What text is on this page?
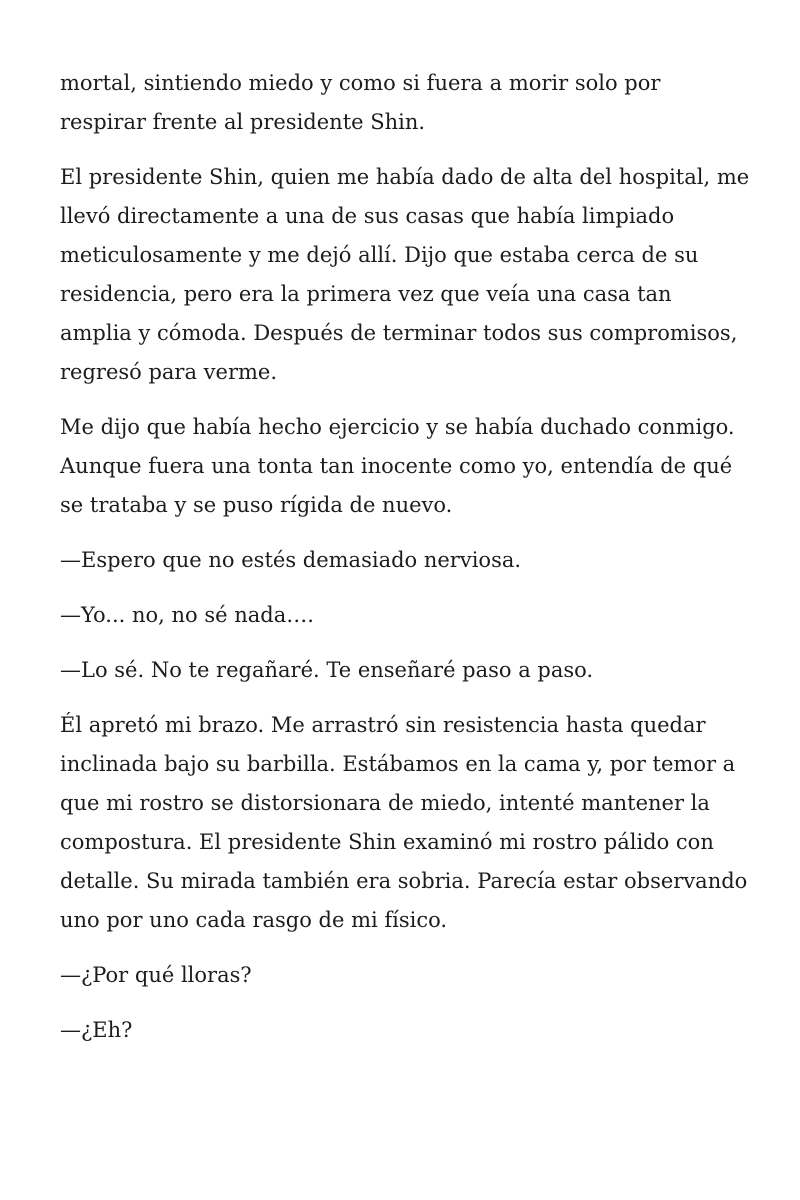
mortal, sintiendo miedo y como si fuera a morir solo por respirar frente al presidente Shin.

El presidente Shin, quien me había dado de alta del hospital, me llevó directamente a una de sus casas que había limpiado meticulosamente y me dejó allí. Dijo que estaba cerca de su residencia, pero era la primera vez que veía una casa tan amplia y cómoda. Después de terminar todos sus compromisos, regresó para verme.

Me dijo que había hecho ejercicio y se había duchado conmigo. Aunque fuera una tonta tan inocente como yo, entendía de qué se trataba y se puso rígida de nuevo.

—Espero que no estés demasiado nerviosa.

—Yo... no, no sé nada….

—Lo sé. No te regañaré. Te enseñaré paso a paso.

Él apretó mi brazo. Me arrastró sin resistencia hasta quedar inclinada bajo su barbilla. Estábamos en la cama y, por temor a que mi rostro se distorsionara de miedo, intenté mantener la compostura. El presidente Shin examinó mi rostro pálido con detalle. Su mirada también era sobria. Parecía estar observando uno por uno cada rasgo de mi físico.

—¿Por qué lloras?

—¿Eh?
